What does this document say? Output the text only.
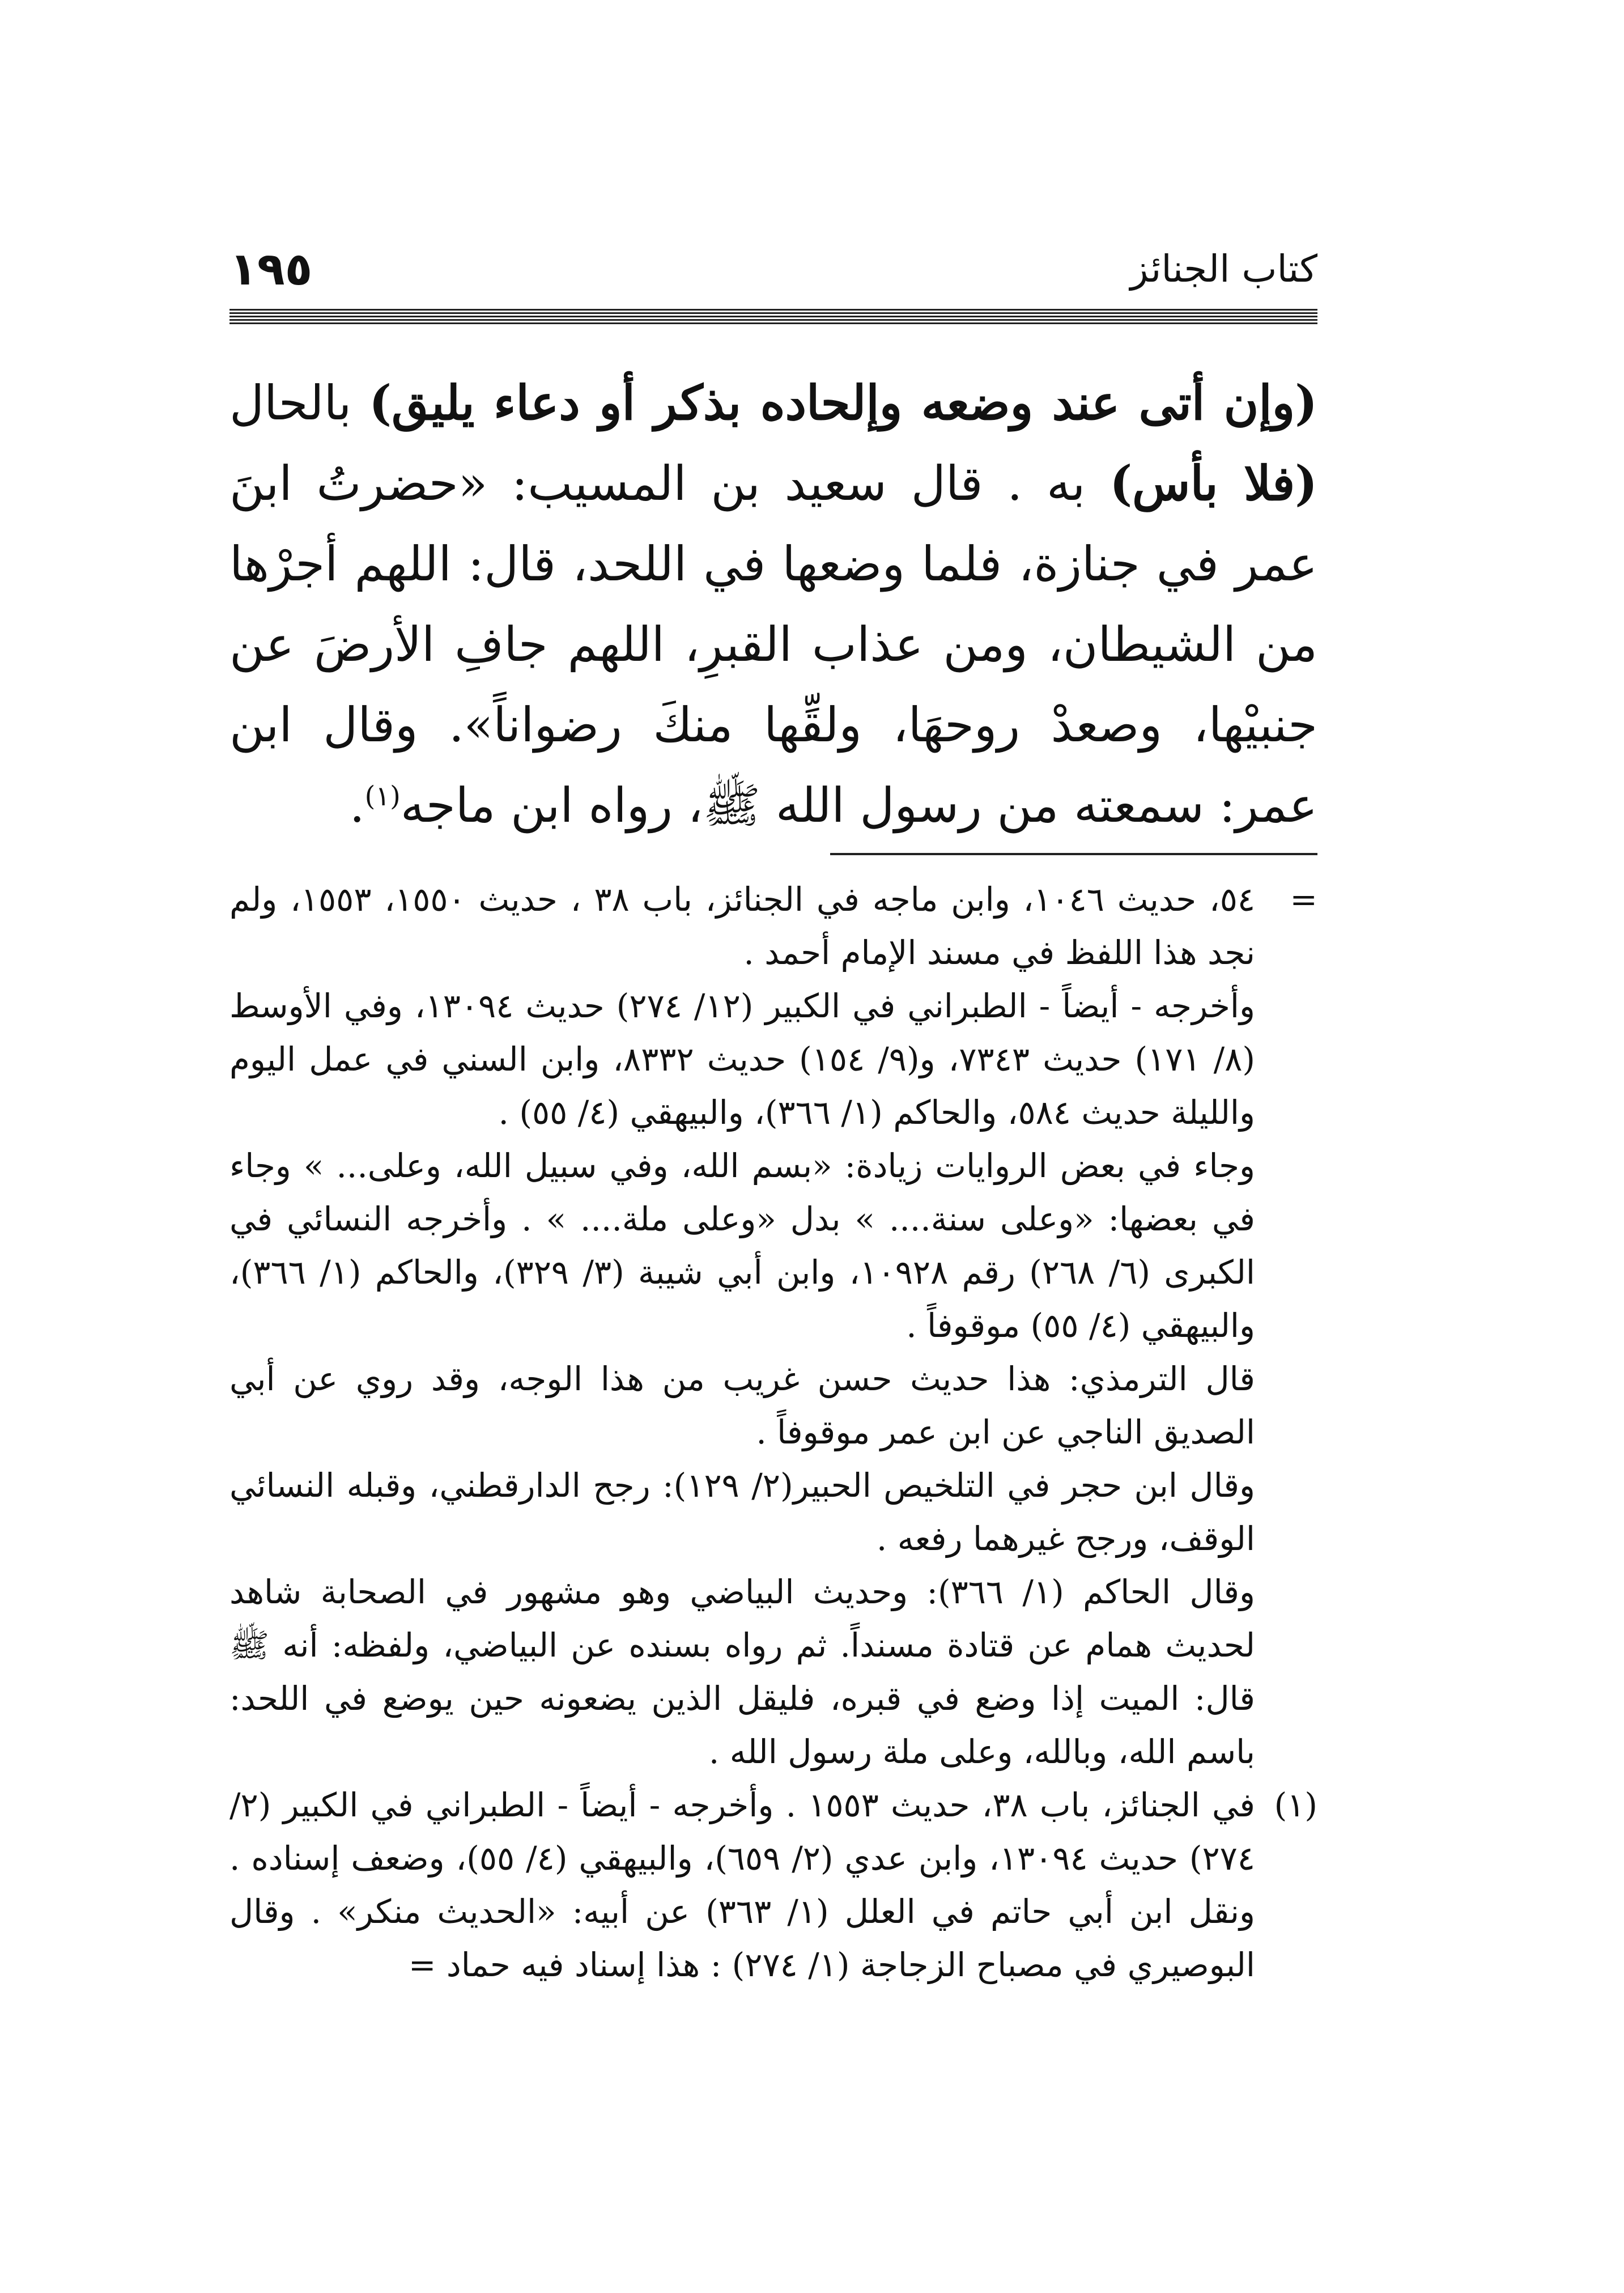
١٩٥	كتاب الجنائز
(وإن أتى عند وضعه وإلحاده بذكر أو دعاء يليق) بالحال (فلا بأس) به . قال سعيد بن المسيب: «حضرتُ ابنَ عمر في جنازة، فلما وضعها في اللحد، قال: اللهم أجرْها من الشيطان، ومن عذاب القبرِ، اللهم جافِ الأرضَ عن جنبيْها، وصعدْ روحهَا، ولقِّها منكَ رضواناً». وقال ابن عمر: سمعته من رسول الله ﷺ، رواه ابن ماجه$^{(١)}$.
=

٥٤، حديث ١٠٤٦، وابن ماجه في الجنائز، باب ٣٨ ، حديث ١٥٥٠، ١٥٥٣، ولم نجد هذا اللفظ في مسند الإمام أحمد .

وأخرجه - أيضاً - الطبراني في الكبير (١٢/ ٢٧٤) حديث ١٣٠٩٤، وفي الأوسط (٨/ ١٧١) حديث ٧٣٤٣، و(٩/ ١٥٤) حديث ٨٣٣٢، وابن السني في عمل اليوم والليلة حديث ٥٨٤، والحاكم (١/ ٣٦٦)، والبيهقي (٤/ ٥٥) .

وجاء في بعض الروايات زيادة: «بسم الله، وفي سبيل الله، وعلى... » وجاء في بعضها: «وعلى سنة.... » بدل «وعلى ملة.... » . وأخرجه النسائي في الكبرى (٦/ ٢٦٨) رقم ١٠٩٢٨، وابن أبي شيبة (٣/ ٣٢٩)، والحاكم (١/ ٣٦٦)، والبيهقي (٤/ ٥٥) موقوفاً .

قال الترمذي: هذا حديث حسن غريب من هذا الوجه، وقد روي عن أبي الصديق الناجي عن ابن عمر موقوفاً .

وقال ابن حجر في التلخيص الحبير(٢/ ١٢٩): رجح الدارقطني، وقبله النسائي الوقف، ورجح غيرهما رفعه .

وقال الحاكم (١/ ٣٦٦): وحديث البياضي وهو مشهور في الصحابة شاهد لحديث همام عن قتادة مسنداً. ثم رواه بسنده عن البياضي، ولفظه: أنه ﷺ قال: الميت إذا وضع في قبره، فليقل الذين يضعونه حين يوضع في اللحد: باسم الله، وبالله، وعلى ملة رسول الله .

(١)

في الجنائز، باب ٣٨، حديث ١٥٥٣ . وأخرجه - أيضاً - الطبراني في الكبير (٢/ ٢٧٤) حديث ١٣٠٩٤، وابن عدي (٢/ ٦٥٩)، والبيهقي (٤/ ٥٥)، وضعف إسناده . ونقل ابن أبي حاتم في العلل (١/ ٣٦٣) عن أبيه: «الحديث منكر» . وقال البوصيري في مصباح الزجاجة (١/ ٢٧٤) : هذا إسناد فيه حماد =
